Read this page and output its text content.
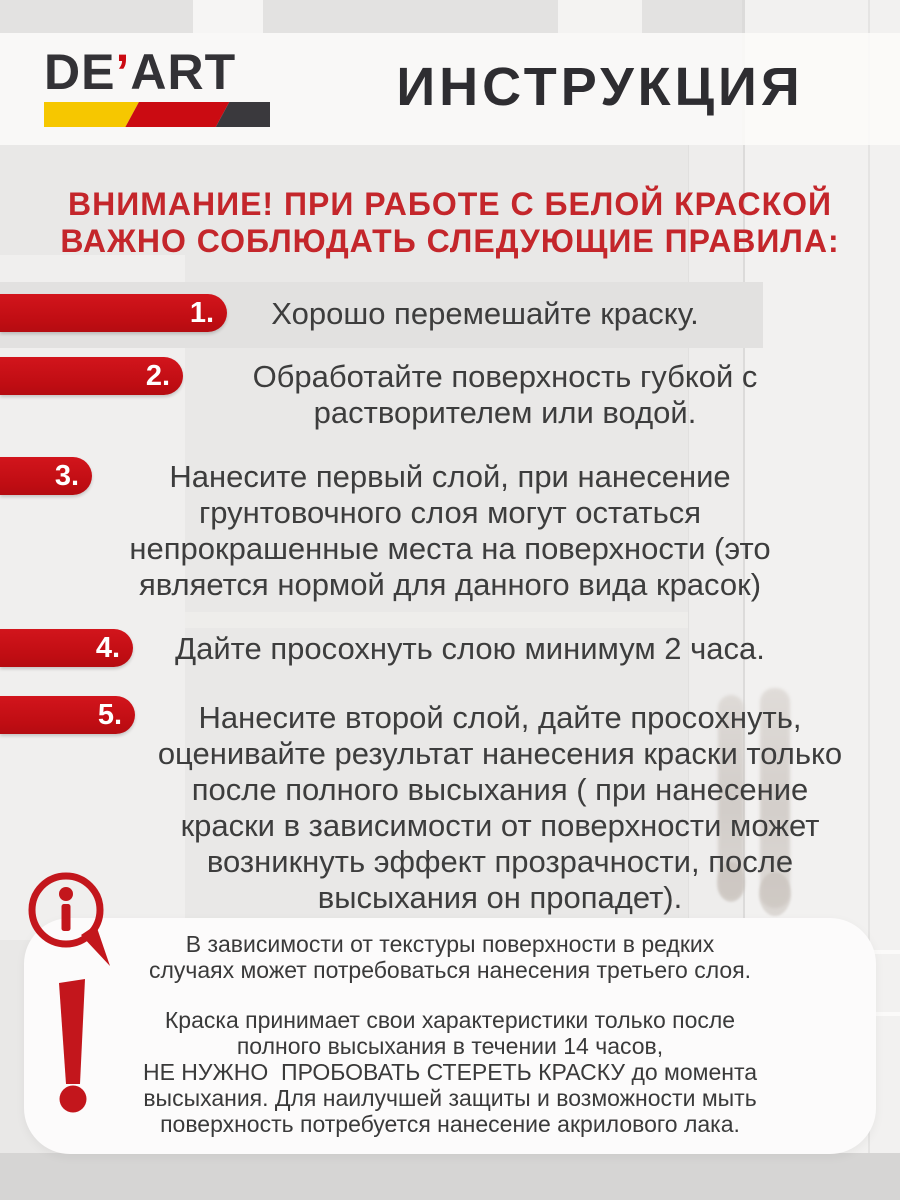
DE’ART	ИНСТРУКЦИЯ
ВНИМАНИЕ! ПРИ РАБОТЕ С БЕЛОЙ КРАСКОЙ
ВАЖНО СОБЛЮДАТЬ СЛЕДУЮЩИЕ ПРАВИЛА:
1.	Хорошо перемешайте краску.
2.	Обработайте поверхность губкой с
растворителем или водой.
3.	Нанесите первый слой, при нанесение
грунтовочного слоя могут остаться
непрокрашенные места на поверхности (это
является нормой для данного вида красок)
4.	Дайте просохнуть слою минимум 2 часа.
5.	Нанесите второй слой, дайте просохнуть,
оценивайте результат нанесения краски только
после полного высыхания ( при нанесение
краски в зависимости от поверхности может
возникнуть эффект прозрачности, после
высыхания он пропадет).
В зависимости от текстуры поверхности в редких
случаях может потребоваться нанесения третьего слоя.
Краска принимает свои характеристики только после
полного высыхания в течении 14 часов,
НЕ НУЖНО  ПРОБОВАТЬ СТЕРЕТЬ КРАСКУ до момента
высыхания. Для наилучшей защиты и возможности мыть
поверхность потребуется нанесение акрилового лака.
